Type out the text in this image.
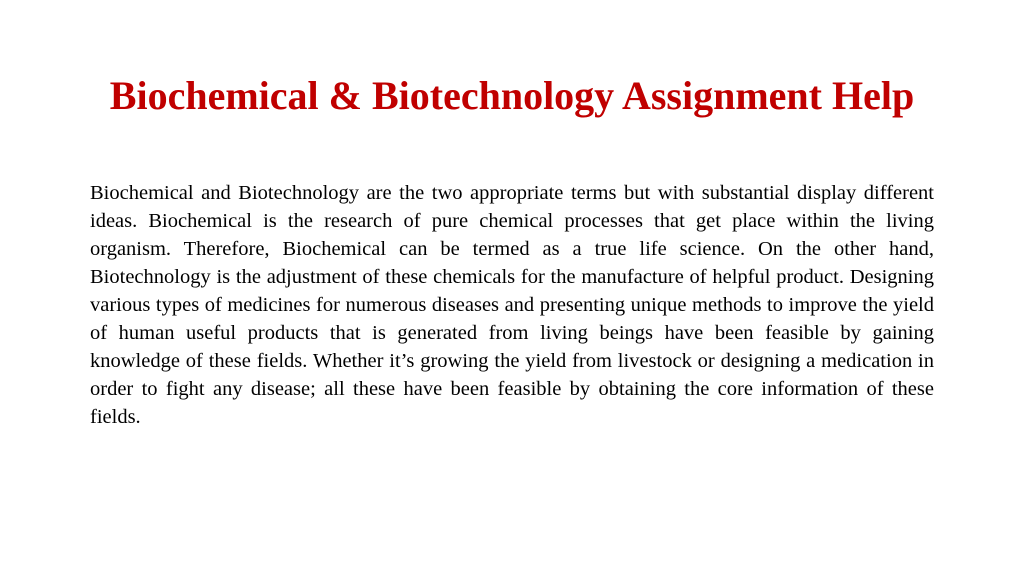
Biochemical & Biotechnology Assignment Help

Biochemical and Biotechnology are the two appropriate terms but with substantial display different ideas. Biochemical is the research of pure chemical processes that get place within the living organism. Therefore, Biochemical can be termed as a true life science. On the other hand, Biotechnology is the adjustment of these chemicals for the manufacture of helpful product. Designing various types of medicines for numerous diseases and presenting unique methods to improve the yield of human useful products that is generated from living beings have been feasible by gaining knowledge of these fields. Whether it’s growing the yield from livestock or designing a medication in order to fight any disease; all these have been feasible by obtaining the core information of these fields.
